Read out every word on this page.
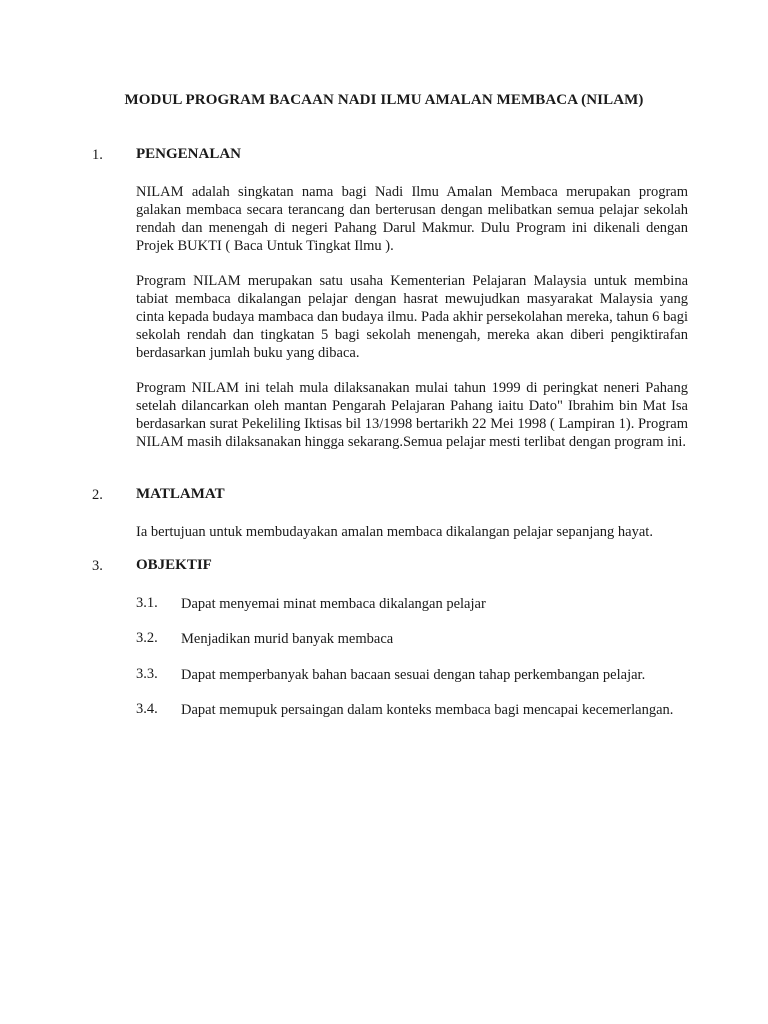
MODUL PROGRAM BACAAN NADI ILMU AMALAN MEMBACA (NILAM)
1. PENGENALAN
NILAM adalah singkatan nama bagi Nadi Ilmu Amalan Membaca merupakan program galakan membaca secara terancang dan berterusan dengan melibatkan semua pelajar sekolah rendah dan menengah di negeri Pahang Darul Makmur. Dulu Program ini dikenali dengan Projek BUKTI ( Baca Untuk Tingkat Ilmu ).
Program NILAM merupakan satu usaha Kementerian Pelajaran Malaysia untuk membina tabiat membaca dikalangan pelajar dengan hasrat mewujudkan masyarakat Malaysia yang cinta kepada budaya mambaca dan budaya ilmu. Pada akhir persekolahan mereka, tahun 6 bagi sekolah rendah dan tingkatan 5 bagi sekolah menengah, mereka akan diberi pengiktirafan berdasarkan jumlah buku yang dibaca.
Program NILAM ini telah mula dilaksanakan mulai tahun 1999 di peringkat neneri Pahang setelah dilancarkan oleh mantan Pengarah Pelajaran Pahang iaitu Dato" Ibrahim bin Mat Isa berdasarkan surat Pekeliling Iktisas bil 13/1998 bertarikh 22 Mei 1998 ( Lampiran 1). Program NILAM masih dilaksanakan hingga sekarang.Semua pelajar mesti terlibat dengan program ini.
2. MATLAMAT
Ia bertujuan untuk membudayakan amalan membaca dikalangan pelajar sepanjang hayat.
3. OBJEKTIF
3.1. Dapat menyemai minat membaca dikalangan pelajar
3.2. Menjadikan murid banyak membaca
3.3. Dapat memperbanyak bahan bacaan sesuai dengan tahap perkembangan pelajar.
3.4. Dapat memupuk persaingan dalam konteks membaca bagi mencapai kecemerlangan.
